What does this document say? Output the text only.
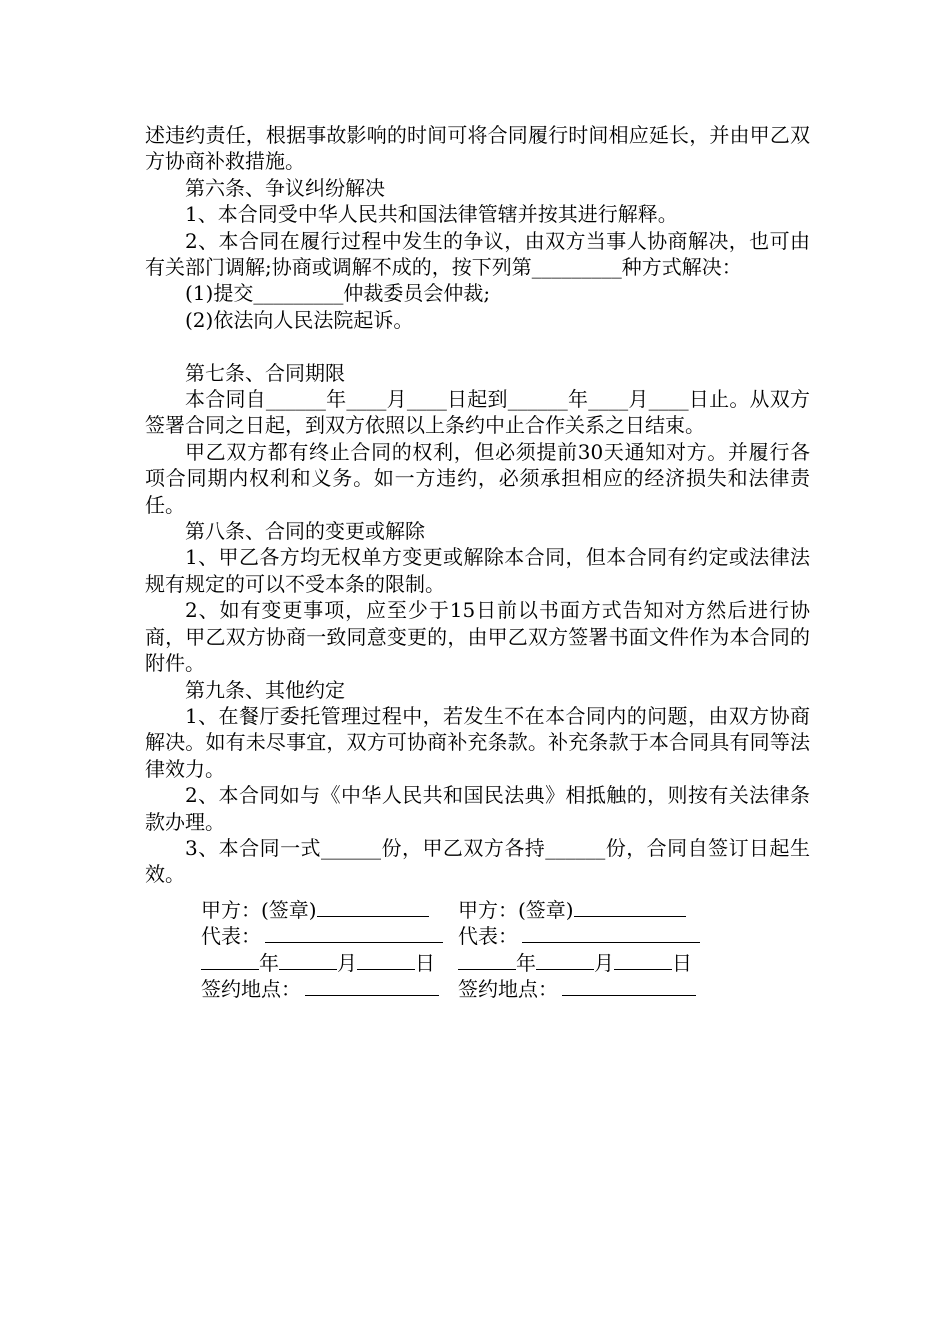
述违约责任，根据事故影响的时间可将合同履行时间相应延长，并由甲乙双方协商补救措施。

第六条、争议纠纷解决

1、本合同受中华人民共和国法律管辖并按其进行解释。

2、本合同在履行过程中发生的争议，由双方当事人协商解决，也可由有关部门调解;协商或调解不成的，按下列第_________种方式解决：

(1)提交_________仲裁委员会仲裁;

(2)依法向人民法院起诉。

第七条、合同期限

本合同自______年____月____日起到______年____月____日止。从双方签署合同之日起，到双方依照以上条约中止合作关系之日结束。

甲乙双方都有终止合同的权利，但必须提前30天通知对方。并履行各项合同期内权利和义务。如一方违约，必须承担相应的经济损失和法律责任。

第八条、合同的变更或解除

1、甲乙各方均无权单方变更或解除本合同，但本合同有约定或法律法规有规定的可以不受本条的限制。

2、如有变更事项，应至少于15日前以书面方式告知对方然后进行协商，甲乙双方协商一致同意变更的，由甲乙双方签署书面文件作为本合同的附件。

第九条、其他约定

1、在餐厅委托管理过程中，若发生不在本合同内的问题，由双方协商解决。如有未尽事宜，双方可协商补充条款。补充条款于本合同具有同等法律效力。

2、本合同如与《中华人民共和国民法典》相抵触的，则按有关法律条款办理。

3、本合同一式______份，甲乙双方各持______份，合同自签订日起生效。

甲方：(签章)	甲方：(签章)
代表：	代表：
年	月	日	年	月	日
签约地点：	签约地点：
